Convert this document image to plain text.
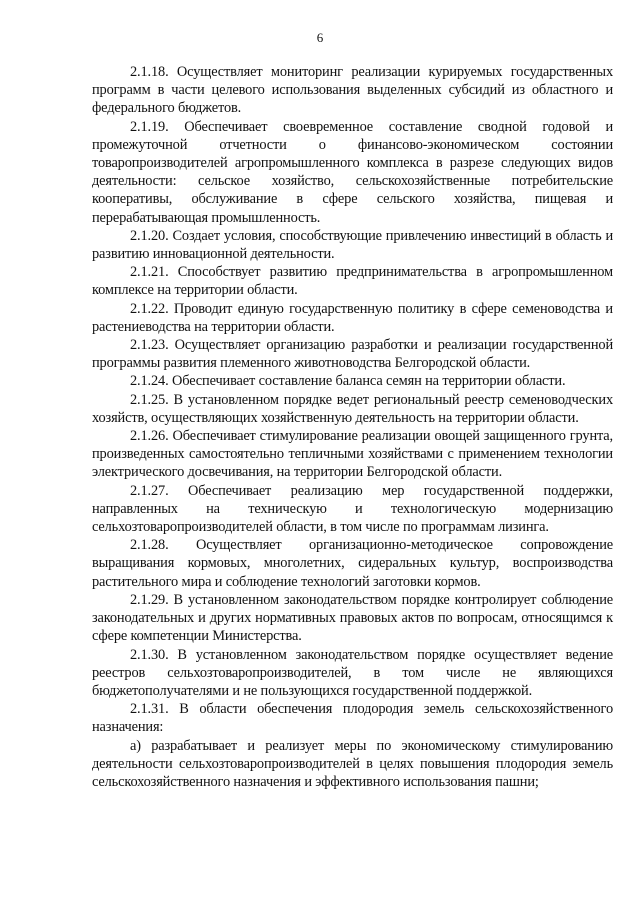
6

2.1.18. Осуществляет мониторинг реализации курируемых государственных программ в части целевого использования выделенных субсидий из областного и федерального бюджетов.

2.1.19. Обеспечивает своевременное составление сводной годовой и промежуточной отчетности о финансово-экономическом состоянии товаропроизводителей агропромышленного комплекса в разрезе следующих видов деятельности: сельское хозяйство, сельскохозяйственные потребительские кооперативы, обслуживание в сфере сельского хозяйства, пищевая и перерабатывающая промышленность.

2.1.20. Создает условия, способствующие привлечению инвестиций в область и развитию инновационной деятельности.

2.1.21. Способствует развитию предпринимательства в агропромышленном комплексе на территории области.

2.1.22. Проводит единую государственную политику в сфере семеноводства и растениеводства на территории области.

2.1.23. Осуществляет организацию разработки и реализации государственной программы развития племенного животноводства Белгородской области.

2.1.24. Обеспечивает составление баланса семян на территории области.

2.1.25. В установленном порядке ведет региональный реестр семеноводческих хозяйств, осуществляющих хозяйственную деятельность на территории области.

2.1.26. Обеспечивает стимулирование реализации овощей защищенного грунта, произведенных самостоятельно тепличными хозяйствами с применением технологии электрического досвечивания, на территории Белгородской области.

2.1.27. Обеспечивает реализацию мер государственной поддержки, направленных на техническую и технологическую модернизацию сельхозтоваропроизводителей области, в том числе по программам лизинга.

2.1.28. Осуществляет организационно-методическое сопровождение выращивания кормовых, многолетних, сидеральных культур, воспроизводства растительного мира и соблюдение технологий заготовки кормов.

2.1.29. В установленном законодательством порядке контролирует соблюдение законодательных и других нормативных правовых актов по вопросам, относящимся к сфере компетенции Министерства.

2.1.30. В установленном законодательством порядке осуществляет ведение реестров сельхозтоваропроизводителей, в том числе не являющихся бюджетополучателями и не пользующихся государственной поддержкой.

2.1.31. В области обеспечения плодородия земель сельскохозяйственного назначения:

а) разрабатывает и реализует меры по экономическому стимулированию деятельности сельхозтоваропроизводителей в целях повышения плодородия земель сельскохозяйственного назначения и эффективного использования пашни;
